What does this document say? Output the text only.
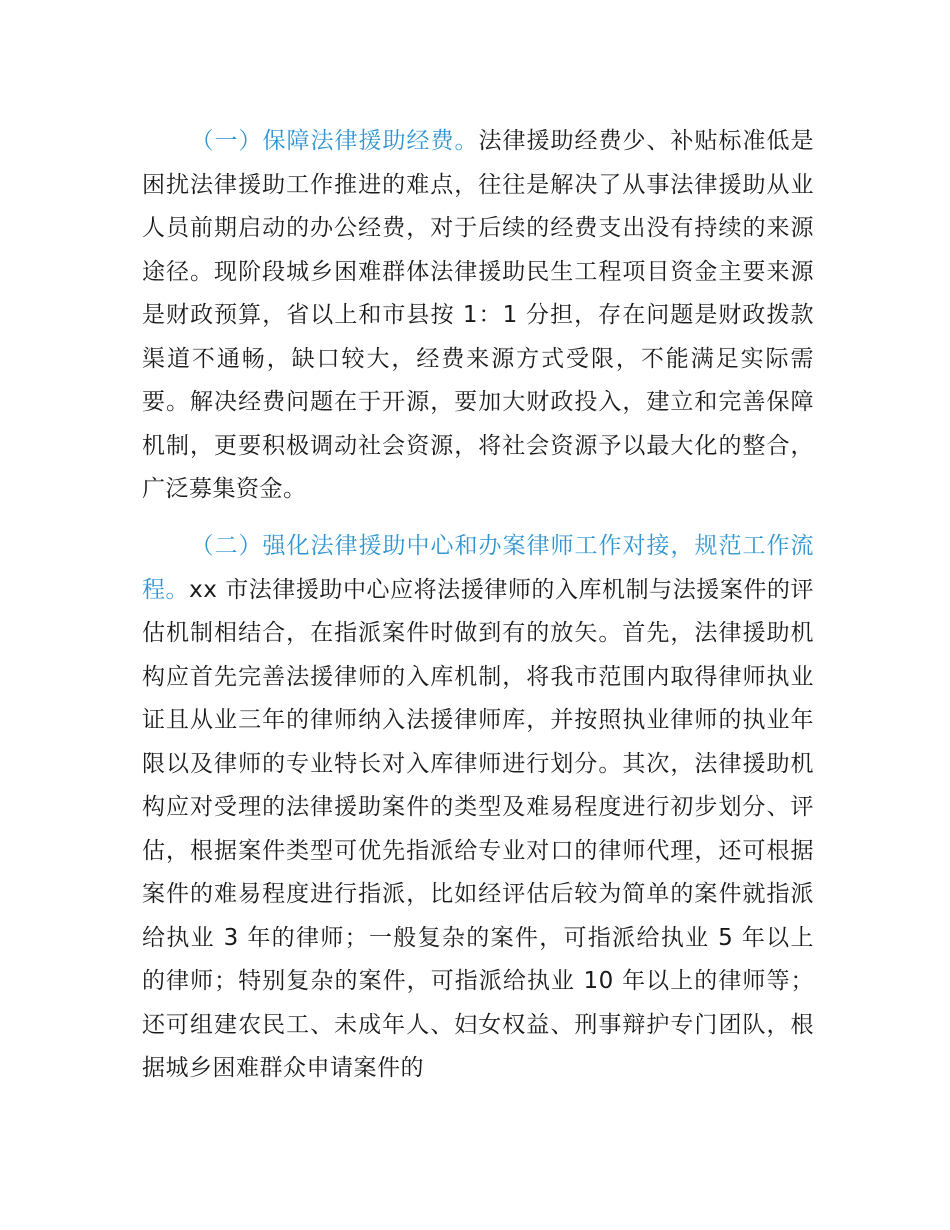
（一）保障法律援助经费。法律援助经费少、补贴标准低是困扰法律援助工作推进的难点，往往是解决了从事法律援助从业人员前期启动的办公经费，对于后续的经费支出没有持续的来源途径。现阶段城乡困难群体法律援助民生工程项目资金主要来源是财政预算，省以上和市县按 1：1 分担，存在问题是财政拨款渠道不通畅，缺口较大，经费来源方式受限，不能满足实际需要。解决经费问题在于开源，要加大财政投入，建立和完善保障机制，更要积极调动社会资源，将社会资源予以最大化的整合，广泛募集资金。

（二）强化法律援助中心和办案律师工作对接，规范工作流程。xx 市法律援助中心应将法援律师的入库机制与法援案件的评估机制相结合，在指派案件时做到有的放矢。首先，法律援助机构应首先完善法援律师的入库机制，将我市范围内取得律师执业证且从业三年的律师纳入法援律师库，并按照执业律师的执业年限以及律师的专业特长对入库律师进行划分。其次，法律援助机构应对受理的法律援助案件的类型及难易程度进行初步划分、评估，根据案件类型可优先指派给专业对口的律师代理，还可根据案件的难易程度进行指派，比如经评估后较为简单的案件就指派给执业 3 年的律师；一般复杂的案件，可指派给执业 5 年以上的律师；特别复杂的案件，可指派给执业 10 年以上的律师等；还可组建农民工、未成年人、妇女权益、刑事辩护专门团队，根据城乡困难群众申请案件的
